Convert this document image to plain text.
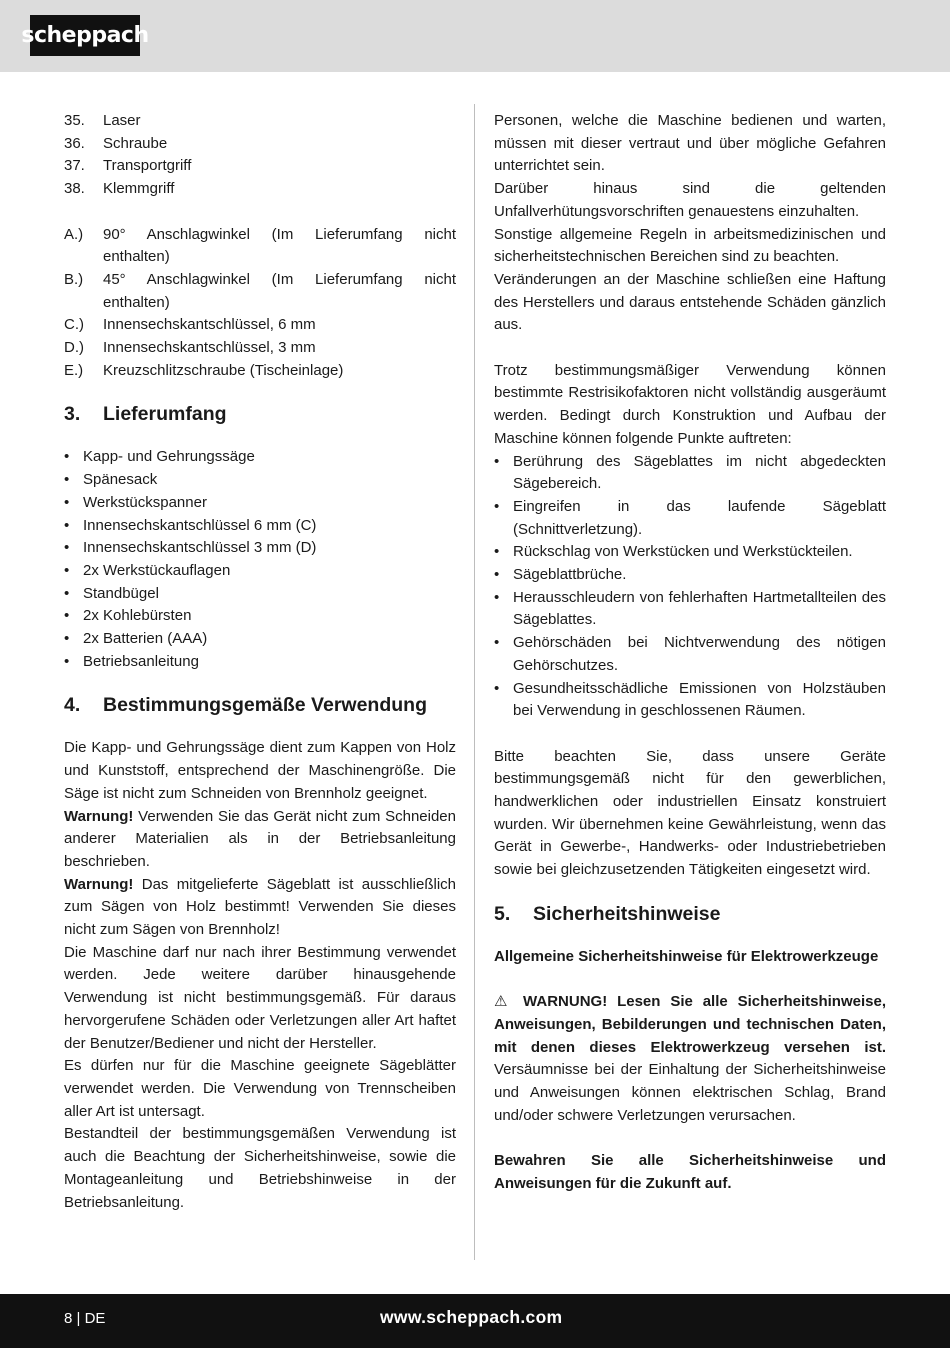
scheppach
35.	Laser
36.	Schraube
37.	Transportgriff
38.	Klemmgriff
A.)	90° Anschlagwinkel (Im Lieferumfang nicht enthalten)
B.)	45° Anschlagwinkel (Im Lieferumfang nicht enthalten)
C.)	Innensechskantschlüssel, 6 mm
D.)	Innensechskantschlüssel, 3 mm
E.)	Kreuzschlitzschraube (Tischeinlage)
3.	Lieferumfang
• Kapp- und Gehrungssäge
• Spänesack
• Werkstückspanner
• Innensechskantschlüssel 6 mm (C)
• Innensechskantschlüssel 3 mm (D)
• 2x Werkstückauflagen
• Standbügel
• 2x Kohlebürsten
• 2x Batterien (AAA)
• Betriebsanleitung
4.	Bestimmungsgemäße Verwendung

Die Kapp- und Gehrungssäge dient zum Kappen von Holz und Kunststoff, entsprechend der Maschinengröße. Die Säge ist nicht zum Schneiden von Brennholz geeignet.

Warnung! Verwenden Sie das Gerät nicht zum Schneiden anderer Materialien als in der Betriebsanleitung beschrieben.

Warnung! Das mitgelieferte Sägeblatt ist ausschließlich zum Sägen von Holz bestimmt! Verwenden Sie dieses nicht zum Sägen von Brennholz!

Die Maschine darf nur nach ihrer Bestimmung verwendet werden. Jede weitere darüber hinausgehende Verwendung ist nicht bestimmungsgemäß. Für daraus hervorgerufene Schäden oder Verletzungen aller Art haftet der Benutzer/Bediener und nicht der Hersteller.

Es dürfen nur für die Maschine geeignete Sägeblätter verwendet werden. Die Verwendung von Trennscheiben aller Art ist untersagt.

Bestandteil der bestimmungsgemäßen Verwendung ist auch die Beachtung der Sicherheitshinweise, sowie die Montageanleitung und Betriebshinweise in der Betriebsanleitung.

Personen, welche die Maschine bedienen und warten, müssen mit dieser vertraut und über mögliche Gefahren unterrichtet sein.

Darüber hinaus sind die geltenden Unfallverhütungsvorschriften genauestens einzuhalten.

Sonstige allgemeine Regeln in arbeitsmedizinischen und sicherheitstechnischen Bereichen sind zu beachten.

Veränderungen an der Maschine schließen eine Haftung des Herstellers und daraus entstehende Schäden gänzlich aus.

Trotz bestimmungsmäßiger Verwendung können bestimmte Restrisikofaktoren nicht vollständig ausgeräumt werden. Bedingt durch Konstruktion und Aufbau der Maschine können folgende Punkte auftreten:

• Berührung des Sägeblattes im nicht abgedeckten Sägebereich.
• Eingreifen in das laufende Sägeblatt (Schnittverletzung).
• Rückschlag von Werkstücken und Werkstückteilen.
• Sägeblattbrüche.
• Herausschleudern von fehlerhaften Hartmetallteilen des Sägeblattes.
• Gehörschäden bei Nichtverwendung des nötigen Gehörschutzes.
• Gesundheitsschädliche Emissionen von Holzstäuben bei Verwendung in geschlossenen Räumen.

Bitte beachten Sie, dass unsere Geräte bestimmungsgemäß nicht für den gewerblichen, handwerklichen oder industriellen Einsatz konstruiert wurden. Wir übernehmen keine Gewährleistung, wenn das Gerät in Gewerbe-, Handwerks- oder Industriebetrieben sowie bei gleichzusetzenden Tätigkeiten eingesetzt wird.

5.	Sicherheitshinweise

Allgemeine Sicherheitshinweise für Elektrowerkzeuge

⚠ WARNUNG! Lesen Sie alle Sicherheitshinweise, Anweisungen, Bebilderungen und technischen Daten, mit denen dieses Elektrowerkzeug versehen ist. Versäumnisse bei der Einhaltung der Sicherheitshinweise und Anweisungen können elektrischen Schlag, Brand und/oder schwere Verletzungen verursachen.

Bewahren Sie alle Sicherheitshinweise und Anweisungen für die Zukunft auf.

8 | DE	www.scheppach.com
